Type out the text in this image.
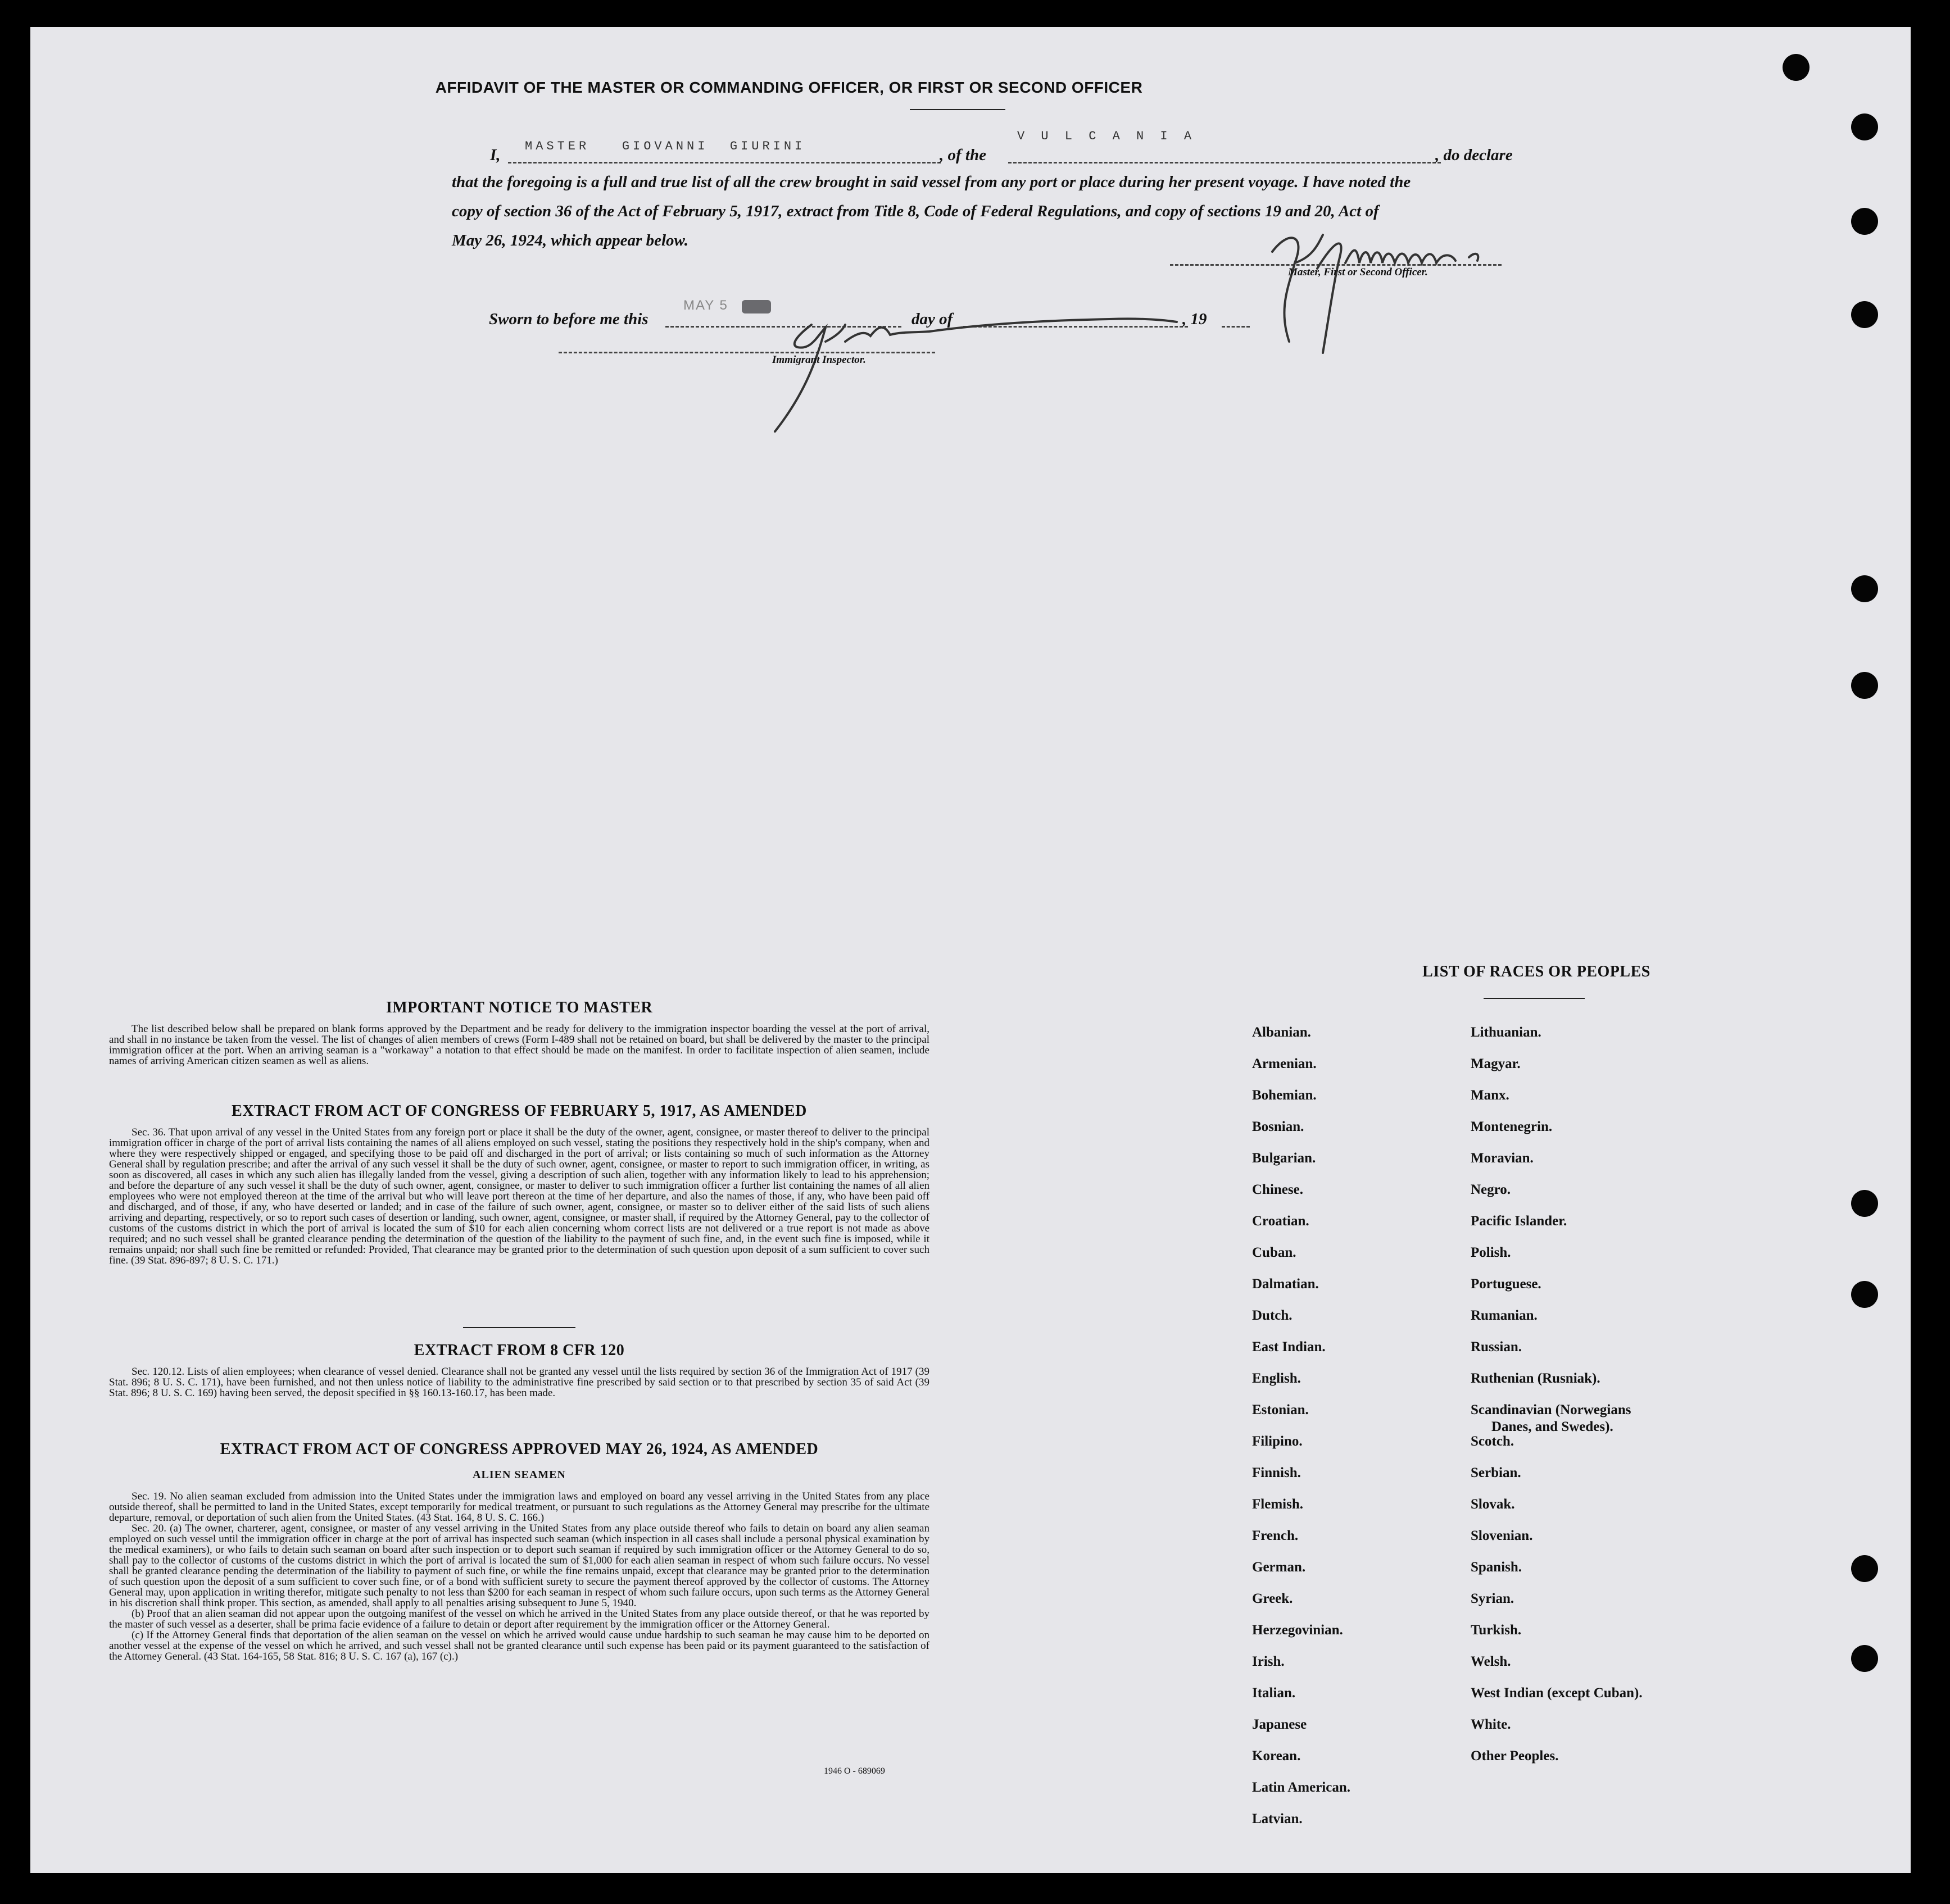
AFFIDAVIT OF THE MASTER OR COMMANDING OFFICER, OR FIRST OR SECOND OFFICER
I, MASTER   GIOVANNI  GIURINI	, of the
V U L C A N I A
, do declare
that the foregoing is a full and true list of all the crew brought in said vessel from any port or place during her present voyage. I have noted the
copy of section 36 of the Act of February 5, 1917, extract from Title 8, Code of Federal Regulations, and copy of sections 19 and 20, Act of
May 26, 1924, which appear below.
Master, First or Second Officer.
Sworn to before me this
MAY 5
day of	, 19
Immigrant Inspector.
IMPORTANT NOTICE TO MASTER

The list described below shall be prepared on blank forms approved by the Department and be ready for delivery to the immigration inspector boarding the vessel at the port of arrival, and shall in no instance be taken from the vessel. The list of changes of alien members of crews (Form I-489 shall not be retained on board, but shall be delivered by the master to the principal immigration officer at the port. When an arriving seaman is a "workaway" a notation to that effect should be made on the manifest. In order to facilitate inspection of alien seamen, include names of arriving American citizen seamen as well as aliens.

EXTRACT FROM ACT OF CONGRESS OF FEBRUARY 5, 1917, AS AMENDED

Sec. 36. That upon arrival of any vessel in the United States from any foreign port or place it shall be the duty of the owner, agent, consignee, or master thereof to deliver to the principal immigration officer in charge of the port of arrival lists containing the names of all aliens employed on such vessel, stating the positions they respectively hold in the ship's company, when and where they were respectively shipped or engaged, and specifying those to be paid off and discharged in the port of arrival; or lists containing so much of such information as the Attorney General shall by regulation prescribe; and after the arrival of any such vessel it shall be the duty of such owner, agent, consignee, or master to report to such immigration officer, in writing, as soon as discovered, all cases in which any such alien has illegally landed from the vessel, giving a description of such alien, together with any information likely to lead to his apprehension; and before the departure of any such vessel it shall be the duty of such owner, agent, consignee, or master to deliver to such immigration officer a further list containing the names of all alien employees who were not employed thereon at the time of the arrival but who will leave port thereon at the time of her departure, and also the names of those, if any, who have been paid off and discharged, and of those, if any, who have deserted or landed; and in case of the failure of such owner, agent, consignee, or master so to deliver either of the said lists of such aliens arriving and departing, respectively, or so to report such cases of desertion or landing, such owner, agent, consignee, or master shall, if required by the Attorney General, pay to the collector of customs of the customs district in which the port of arrival is located the sum of $10 for each alien concerning whom correct lists are not delivered or a true report is not made as above required; and no such vessel shall be granted clearance pending the determination of the question of the liability to the payment of such fine, and, in the event such fine is imposed, while it remains unpaid; nor shall such fine be remitted or refunded: Provided, That clearance may be granted prior to the determination of such question upon deposit of a sum sufficient to cover such fine. (39 Stat. 896-897; 8 U. S. C. 171.)

EXTRACT FROM 8 CFR 120

Sec. 120.12. Lists of alien employees; when clearance of vessel denied. Clearance shall not be granted any vessel until the lists required by section 36 of the Immigration Act of 1917 (39 Stat. 896; 8 U. S. C. 171), have been furnished, and not then unless notice of liability to the administrative fine prescribed by said section or to that prescribed by section 35 of said Act (39 Stat. 896; 8 U. S. C. 169) having been served, the deposit specified in §§ 160.13-160.17, has been made.

EXTRACT FROM ACT OF CONGRESS APPROVED MAY 26, 1924, AS AMENDED
ALIEN SEAMEN

Sec. 19. No alien seaman excluded from admission into the United States under the immigration laws and employed on board any vessel arriving in the United States from any place outside thereof, shall be permitted to land in the United States, except temporarily for medical treatment, or pursuant to such regulations as the Attorney General may prescribe for the ultimate departure, removal, or deportation of such alien from the United States. (43 Stat. 164, 8 U. S. C. 166.)

Sec. 20. (a) The owner, charterer, agent, consignee, or master of any vessel arriving in the United States from any place outside thereof who fails to detain on board any alien seaman employed on such vessel until the immigration officer in charge at the port of arrival has inspected such seaman (which inspection in all cases shall include a personal physical examination by the medical examiners), or who fails to detain such seaman on board after such inspection or to deport such seaman if required by such immigration officer or the Attorney General to do so, shall pay to the collector of customs of the customs district in which the port of arrival is located the sum of $1,000 for each alien seaman in respect of whom such failure occurs. No vessel shall be granted clearance pending the determination of the liability to payment of such fine, or while the fine remains unpaid, except that clearance may be granted prior to the determination of such question upon the deposit of a sum sufficient to cover such fine, or of a bond with sufficient surety to secure the payment thereof approved by the collector of customs. The Attorney General may, upon application in writing therefor, mitigate such penalty to not less than $200 for each seaman in respect of whom such failure occurs, upon such terms as the Attorney General in his discretion shall think proper. This section, as amended, shall apply to all penalties arising subsequent to June 5, 1940.

(b) Proof that an alien seaman did not appear upon the outgoing manifest of the vessel on which he arrived in the United States from any place outside thereof, or that he was reported by the master of such vessel as a deserter, shall be prima facie evidence of a failure to detain or deport after requirement by the immigration officer or the Attorney General.

(c) If the Attorney General finds that deportation of the alien seaman on the vessel on which he arrived would cause undue hardship to such seaman he may cause him to be deported on another vessel at the expense of the vessel on which he arrived, and such vessel shall not be granted clearance until such expense has been paid or its payment guaranteed to the satisfaction of the Attorney General. (43 Stat. 164-165, 58 Stat. 816; 8 U. S. C. 167 (a), 167 (c).)

1946 O - 689069
LIST OF RACES OR PEOPLES
Albanian.
Armenian.
Bohemian.
Bosnian.
Bulgarian.
Chinese.
Croatian.
Cuban.
Dalmatian.
Dutch.
East Indian.
English.
Estonian.
Filipino.
Finnish.
Flemish.
French.
German.
Greek.
Herzegovinian.
Irish.
Italian.
Japanese
Korean.
Latin American.
Latvian.
Lithuanian.
Magyar.
Manx.
Montenegrin.
Moravian.
Negro.
Pacific Islander.
Polish.
Portuguese.
Rumanian.
Russian.
Ruthenian (Rusniak).
Scandinavian (Norwegians
Danes, and Swedes).
Scotch.
Serbian.
Slovak.
Slovenian.
Spanish.
Syrian.
Turkish.
Welsh.
West Indian (except Cuban).
White.
Other Peoples.
